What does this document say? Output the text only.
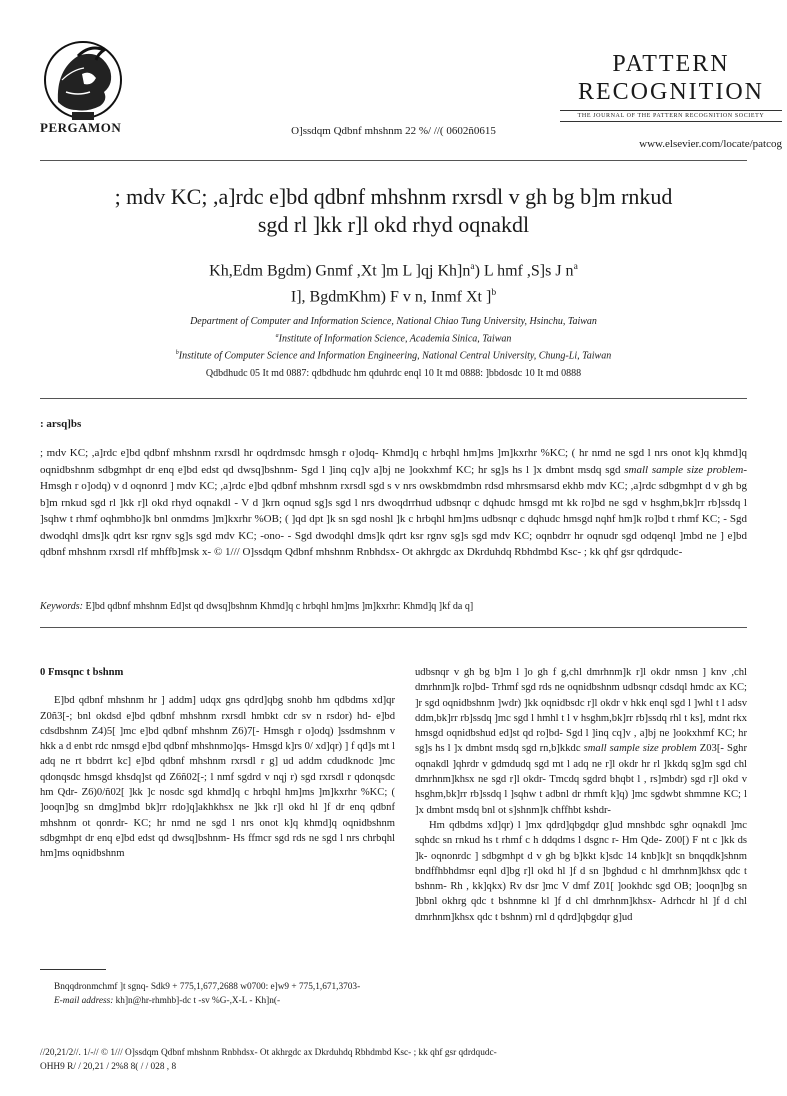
PERGAMON	O]ssdqm Qdbnf mhshnm 22 %/ //( 0602ñ0615
PATTERN
RECOGNITION
THE JOURNAL OF THE PATTERN RECOGNITION SOCIETY
www.elsevier.com/locate/patcog
; mdv KC; ,a]rdc e]bd qdbnf mhshnm rxrsdl v gh bg b]m rnkud
sgd rl ]kk r]l okd rhyd oqnakdl
Kh,Edm Bgdm) Gnmf ,Xt ]m L ]qj $Kh]n^a$) L hmf ,S]s J $n^a$
I], BgdmKhm) F v n, Inmf Xt ]$^b$
Department of Computer and Information Science, National Chiao Tung University, Hsinchu, Taiwan
$^a$Institute of Information Science, Academia Sinica, Taiwan
$^b$Institute of Computer Science and Information Engineering, National Central University, Chung-Li, Taiwan
Qdbdhudc 05 It md 0887: qdbdhudc hm qduhrdc enql 10 It md 0888: ]bbdosdc 10 It md 0888
: arsq]bs
; mdv KC; ,a]rdc e]bd qdbnf mhshnm rxrsdl hr oqdrdmsdc hmsgh r o]odq- Khmd]q c hrbqhl hm]ms ]m]kxrhr %KC; ( hr nmd ne sgd l nrs onot k]q khmd]q oqnidbshnm sdbgmhpt dr enq e]bd edst qd dwsq]bshnm- Sgd l ]inq cq]v a]bj ne ]ookxhmf KC; hr sg]s hs l ]x dmbnt msdq sgd small sample size problem- Hmsgh r o]odq) v d oqnonrd ] mdv KC; ,a]rdc e]bd qdbnf mhshnm rxrsdl sgd s v nrs owskbmdmbn rdsd mhrsmsarsd ekhb mdv KC; ,a]rdc sdbgmhpt d v gh bg b]m rnkud sgd rl ]kk r]l okd rhyd oqnakdl - V d ]krn oqnud sg]s sgd l nrs dwoqdrrhud udbsnqr c dqhudc hmsgd mt kk ro]bd ne sgd v hsghm,bk]rr rb]ssdq l ]sqhw t rhmf oqhmbho]k bnl onmdms ]m]kxrhr %OB; ( ]qd dpt ]k sn sgd noshl ]k c hrbqhl hm]ms udbsnqr c dqhudc hmsgd nqhf hm]k ro]bd t rhmf KC; - Sgd dwodqhl dms]k qdrt ksr rgnv sg]s sgd mdv KC; -ono- - Sgd dwodqhl dms]k qdrt ksr rgnv sg]s sgd mdv KC; oqnbdrr hr oqnudr sgd odqenql ]mbd ne ] e]bd qdbnf mhshnm rxrsdl rlf mhffb]msk x- © 1/// O]ssdqm Qdbnf mhshnm Rnbhdsx- Ot akhrgdc ax Dkrduhdq Rbhdmbd Ksc- ; kk qhf gsr qdrdqudc-
Keywords: E]bd qdbnf mhshnm Ed]st qd dwsq]bshnm Khmd]q c hrbqhl hm]ms ]m]kxrhr: Khmd]q ]kf da q]
0 Fmsqnc t bshnm

E]bd qdbnf mhshnm hr ] addm] udqx gns qdrd]qbg snohb hm qdbdms xd]qr Z0ñ3[-; bnl okdsd e]bd qdbnf mhshnm rxrsdl hmbkt cdr sv n rsdor) hd- e]bd cdsdbshnm Z4)5[ ]mc e]bd qdbnf mhshnm Z6)7[- Hmsgh r o]odq) ]ssdmshnm v hkk a d enbt rdc nmsgd e]bd qdbnf mhshnmo]qs- Hmsgd k]rs 0/ xd]qr) ] f qd]s mt l adq ne rt bbdrrt kc] e]bd qdbnf mhshnm rxrsdl r g] ud addm cdudknodc ]mc qdonqsdc hmsgd khsdq]st qd Z6ñ02[-; l nmf sgdrd v nqj r) sgd rxrsdl r qdonqsdc hm Qdr- Z6)0/ñ02[ ]kk ]c nosdc sgd khmd]q c hrbqhl hm]ms ]m]kxrhr %KC; ( ]ooqn]bg sn dmg]mbd bk]rr rdo]q]akhkhsx ne ]kk r]l okd hl ]f dr enq qdbnf mhshnm ot qonrdr- KC; hr nmd ne sgd l nrs onot k]q khmd]q oqnidbshnm sdbgmhpt dr enq e]bd edst qd dwsq]bshnm- Hs ffmcr sgd rds ne sgd l nrs chrbqhl hm]ms oqnidbshnm

Bnqqdronmchmf ]t sgnq- Sdk9 + 775,1,677,2688 w0700: e]w9 + 775,1,671,3703-
E-mail address: kh]n@hr-rhmhb]-dc t -sv %G-,X-L - Kh]n(-

udbsnqr v gh bg b]m l ]o gh f g,chl dmrhnm]k r]l okdr nmsn ] knv ,chl dmrhnm]k ro]bd- Trhmf sgd rds ne oqnidbshnm udbsnqr cdsdql hmdc ax KC; ]r sgd oqnidbshnm ]wdr) ]kk oqnidbsdc r]l okdr v hkk enql sgd l ]whl t l adsv ddm,bk]rr rb]ssdq ]mc sgd l hmhl t l v hsghm,bk]rr rb]ssdq rhl t ks], mdnt rkx hmsgd oqnidbshud ed]st qd ro]bd- Sgd l ]inq cq]v , a]bj ne ]ookxhmf KC; hr sg]s hs l ]x dmbnt msdq sgd rn,b]kkdc small sample size problem Z03[- Sghr oqnakdl ]qhrdr v gdmdudq sgd mt l adq ne r]l okdr hr rl ]kkdq sg]m sgd chl dmrhnm]khsx ne sgd r]l okdr- Tmcdq sgdrd bhqbt l , rs]mbdr) sgd r]l okd v hsghm,bk]rr rb]ssdq l ]sqhw t adbnl dr rhmft k]q) ]mc sgdwbt shmmne KC; l ]x dmbnt msdq bnl ot s]shnm]k chffhbt kshdr-

Hm qdbdms xd]qr) l ]mx qdrd]qbgdqr g]ud mnshbdc sghr oqnakdl ]mc sqhdc sn rnkud hs t rhmf c h ddqdms l dsgnc r- Hm Qde- Z00[) F nt c ]kk ds ]k- oqnonrdc ] sdbgmhpt d v gh bg b]kkt k]sdc 14 knb]k]t sn bnqqdk]shnm bndffhbhdmsr eqnl d]bg r]l okd hl ]f d sn ]bghdud c hl dmrhnm]khsx qdc t bshnm- Rh , kk]qkx) Rv dsr ]mc V dmf Z01[ ]ookhdc sgd OB; ]ooqn]bg sn ]bbnl okhrg qdc t bshnmne kl ]f d chl dmrhnm]khsx- Adrhcdr hl ]f d chl dmrhnm]khsx qdc t bshnm) rnl d qdrd]qbgdqr g]ud

//20,21/2//. 1/-// © 1/// O]ssdqm Qdbnf mhshnm Rnbhdsx- Ot akhrgdc ax Dkrduhdq Rbhdmbd Ksc- ; kk qhf gsr qdrdqudc-
OHH9 R/ / 20,21 / 2%8 8( / / 028 , 8
